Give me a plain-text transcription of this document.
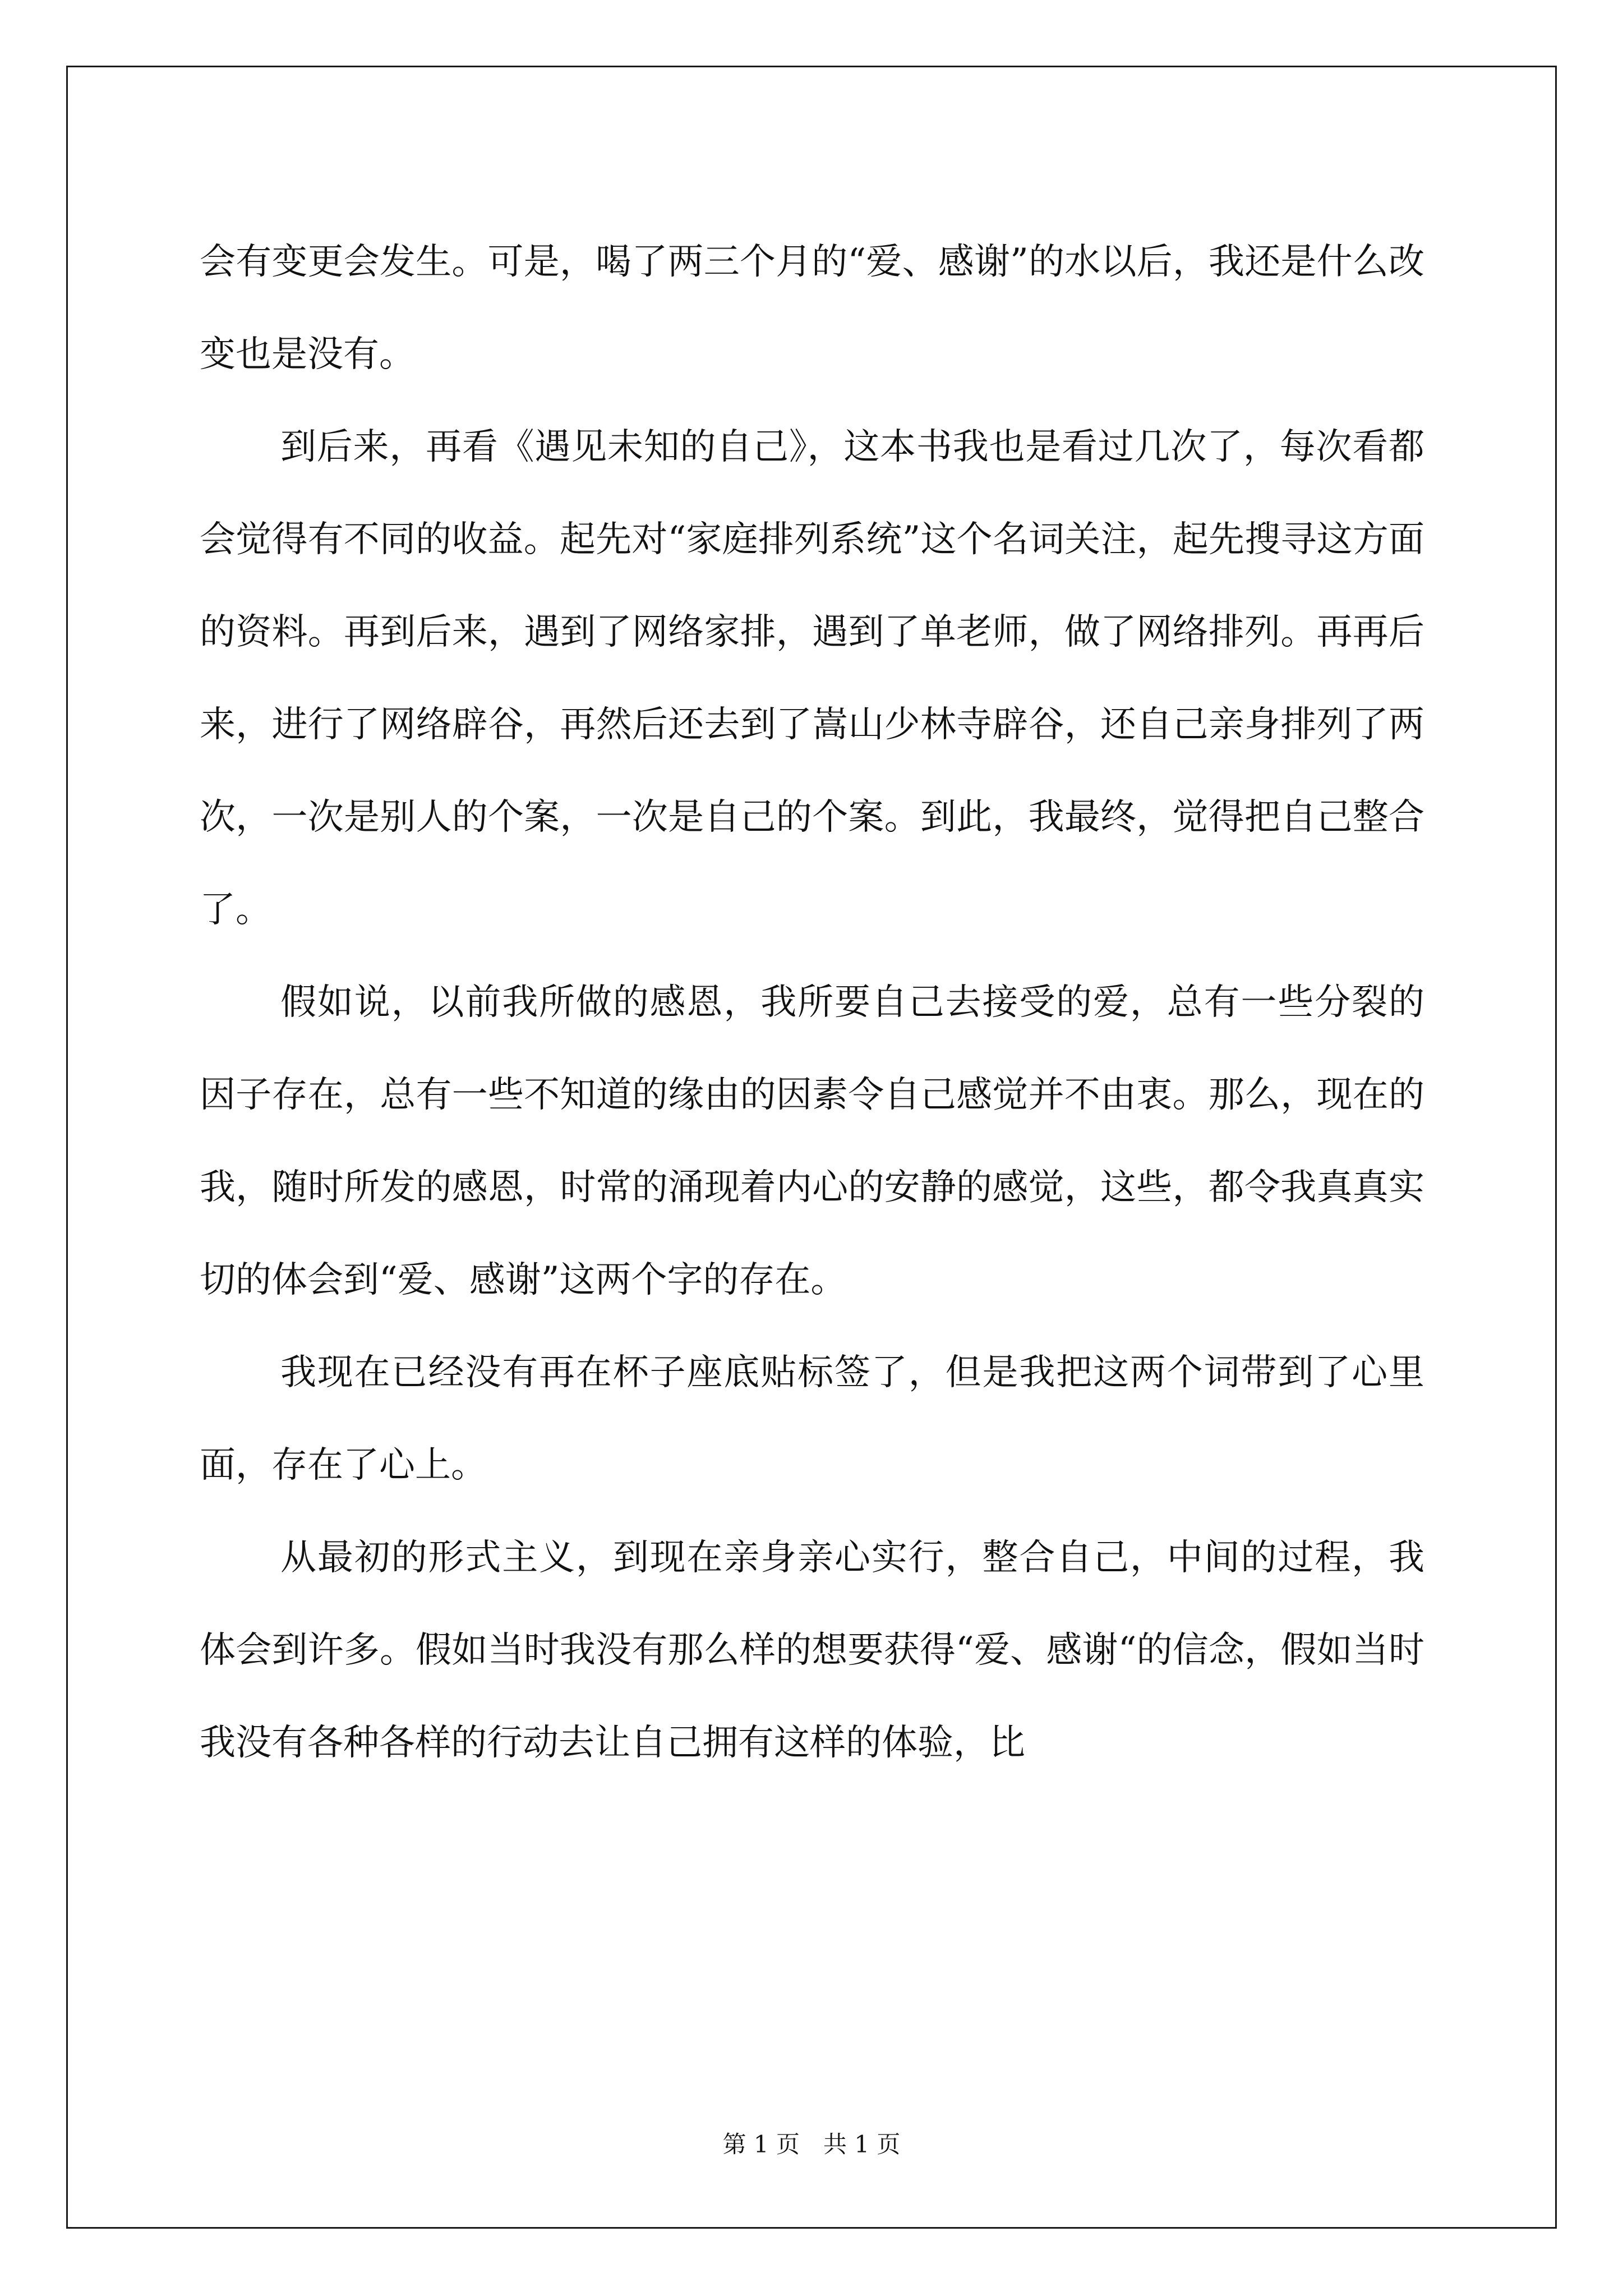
会有变更会发生。可是，喝了两三个月的“爱、感谢”的水以后，我还是什么改变也是没有。

到后来，再看《遇见未知的自己》，这本书我也是看过几次了，每次看都会觉得有不同的收益。起先对“家庭排列系统”这个名词关注，起先搜寻这方面的资料。再到后来，遇到了网络家排，遇到了单老师，做了网络排列。再再后来，进行了网络辟谷，再然后还去到了嵩山少林寺辟谷，还自己亲身排列了两次，一次是别人的个案，一次是自己的个案。到此，我最终，觉得把自己整合了。

假如说，以前我所做的感恩，我所要自己去接受的爱，总有一些分裂的因子存在，总有一些不知道的缘由的因素令自己感觉并不由衷。那么，现在的我，随时所发的感恩，时常的涌现着内心的安静的感觉，这些，都令我真真实切的体会到“爱、感谢”这两个字的存在。

我现在已经没有再在杯子座底贴标签了，但是我把这两个词带到了心里面，存在了心上。

从最初的形式主义，到现在亲身亲心实行，整合自己，中间的过程，我体会到许多。假如当时我没有那么样的想要获得“爱、感谢“的信念，假如当时我没有各种各样的行动去让自己拥有这样的体验，比

第 1 页　共 1 页
